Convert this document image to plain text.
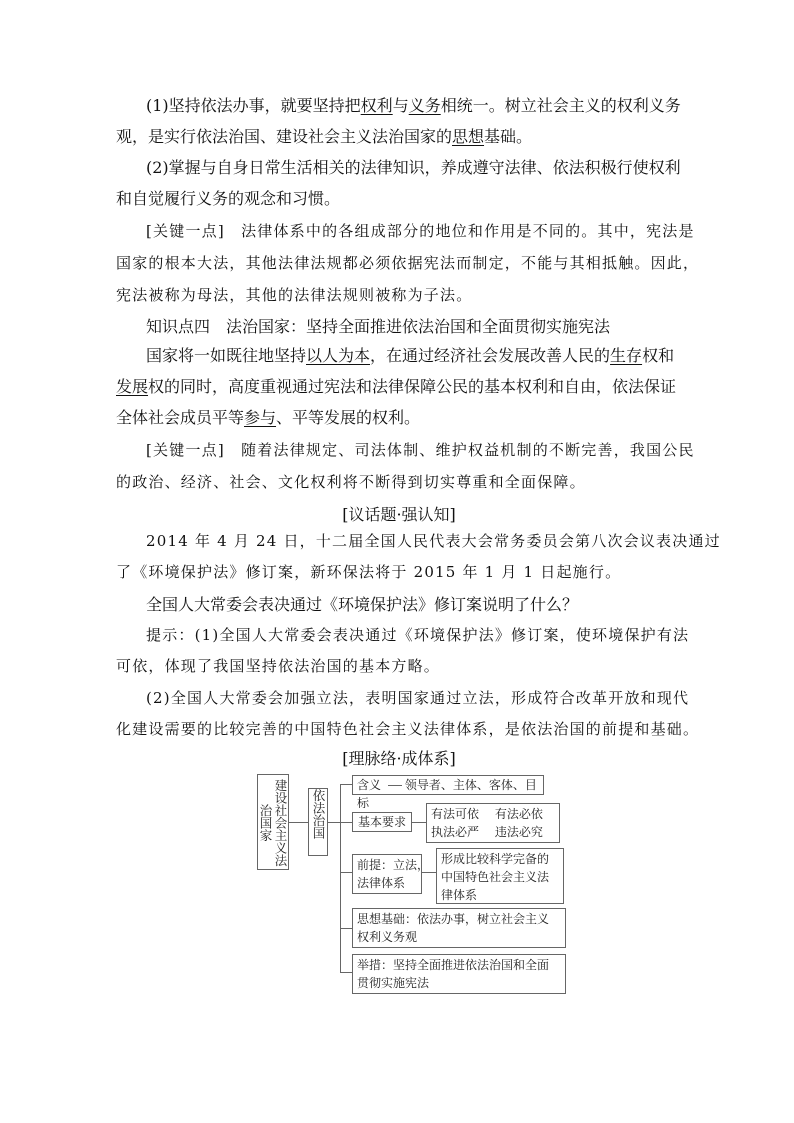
(1)坚持依法办事，就要坚持把权利与义务相统一。树立社会主义的权利义务
观，是实行依法治国、建设社会主义法治国家的思想基础。
(2)掌握与自身日常生活相关的法律知识，养成遵守法律、依法积极行使权利
和自觉履行义务的观念和习惯。
[关键一点]　法律体系中的各组成部分的地位和作用是不同的。其中，宪法是
国家的根本大法，其他法律法规都必须依据宪法而制定，不能与其相抵触。因此，
宪法被称为母法，其他的法律法规则被称为子法。
知识点四　法治国家：坚持全面推进依法治国和全面贯彻实施宪法
国家将一如既往地坚持以人为本，在通过经济社会发展改善人民的生存权和
发展权的同时，高度重视通过宪法和法律保障公民的基本权利和自由，依法保证
全体社会成员平等参与、平等发展的权利。
[关键一点]　随着法律规定、司法体制、维护权益机制的不断完善，我国公民
的政治、经济、社会、文化权利将不断得到切实尊重和全面保障。
[议话题·强认知]
2014 年 4 月 24 日，十二届全国人民代表大会常务委员会第八次会议表决通过
了《环境保护法》修订案，新环保法将于 2015 年 1 月 1 日起施行。
全国人大常委会表决通过《环境保护法》修订案说明了什么？
提示：(1)全国人大常委会表决通过《环境保护法》修订案，使环境保护有法
可依，体现了我国坚持依法治国的基本方略。
(2)全国人大常委会加强立法，表明国家通过立法，形成符合改革开放和现代
化建设需要的比较完善的中国特色社会主义法律体系，是依法治国的前提和基础。
[理脉络·成体系]
建设社会主义法治国家	依法治国
含义 领导者、主体、客体、目标
基本要求
有法可依　 有法必依
执法必严　 违法必究
前提：立法，
法律体系
形成比较科学完备的
中国特色社会主义法
律体系
思想基础：依法办事，树立社会主义
权利义务观
举措：坚持全面推进依法治国和全面
贯彻实施宪法
